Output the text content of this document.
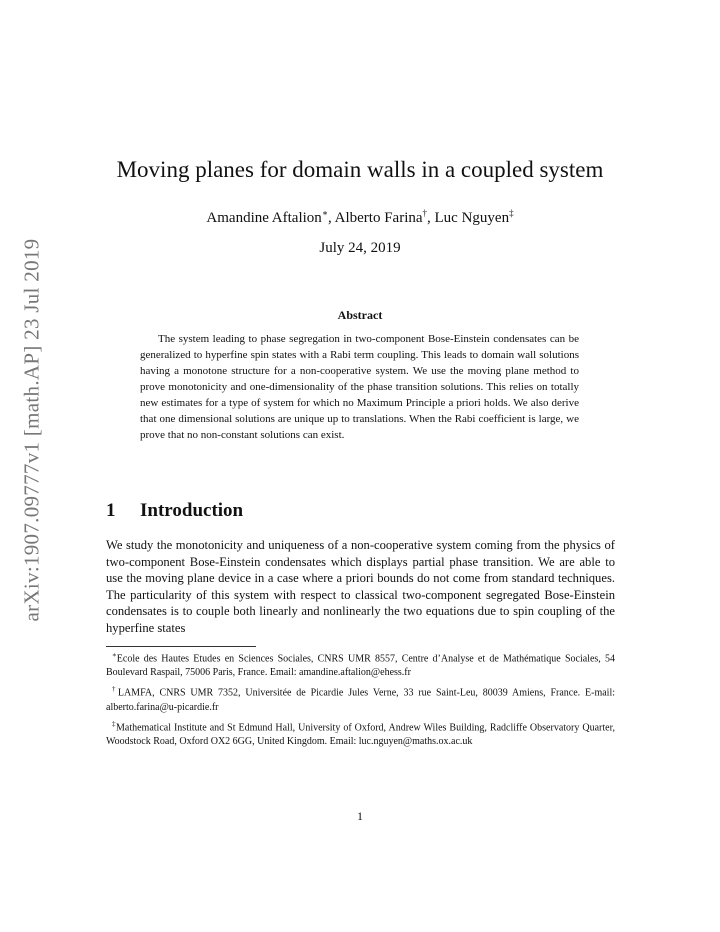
arXiv:1907.09777v1 [math.AP] 23 Jul 2019
Moving planes for domain walls in a coupled system
Amandine Aftalion∗, Alberto Farina†, Luc Nguyen‡
July 24, 2019
Abstract

The system leading to phase segregation in two-component Bose-Einstein condensates can be generalized to hyperfine spin states with a Rabi term coupling. This leads to domain wall solutions having a monotone structure for a non-cooperative system. We use the moving plane method to prove monotonicity and one-dimensionality of the phase transition solutions. This relies on totally new estimates for a type of system for which no Maximum Principle a priori holds. We also derive that one dimensional solutions are unique up to translations. When the Rabi coefficient is large, we prove that no non-constant solutions can exist.

1 Introduction

We study the monotonicity and uniqueness of a non-cooperative system coming from the physics of two-component Bose-Einstein condensates which displays partial phase transition. We are able to use the moving plane device in a case where a priori bounds do not come from standard techniques. The particularity of this system with respect to classical two-component segregated Bose-Einstein condensates is to couple both linearly and nonlinearly the two equations due to spin coupling of the hyperfine states

∗Ecole des Hautes Etudes en Sciences Sociales, CNRS UMR 8557, Centre d’Analyse et de Mathématique Sociales, 54 Boulevard Raspail, 75006 Paris, France. Email: amandine.aftalion@ehess.fr

†LAMFA, CNRS UMR 7352, Universitée de Picardie Jules Verne, 33 rue Saint-Leu, 80039 Amiens, France. E-mail: alberto.farina@u-picardie.fr

‡Mathematical Institute and St Edmund Hall, University of Oxford, Andrew Wiles Building, Radcliffe Observatory Quarter, Woodstock Road, Oxford OX2 6GG, United Kingdom. Email: luc.nguyen@maths.ox.ac.uk

1
